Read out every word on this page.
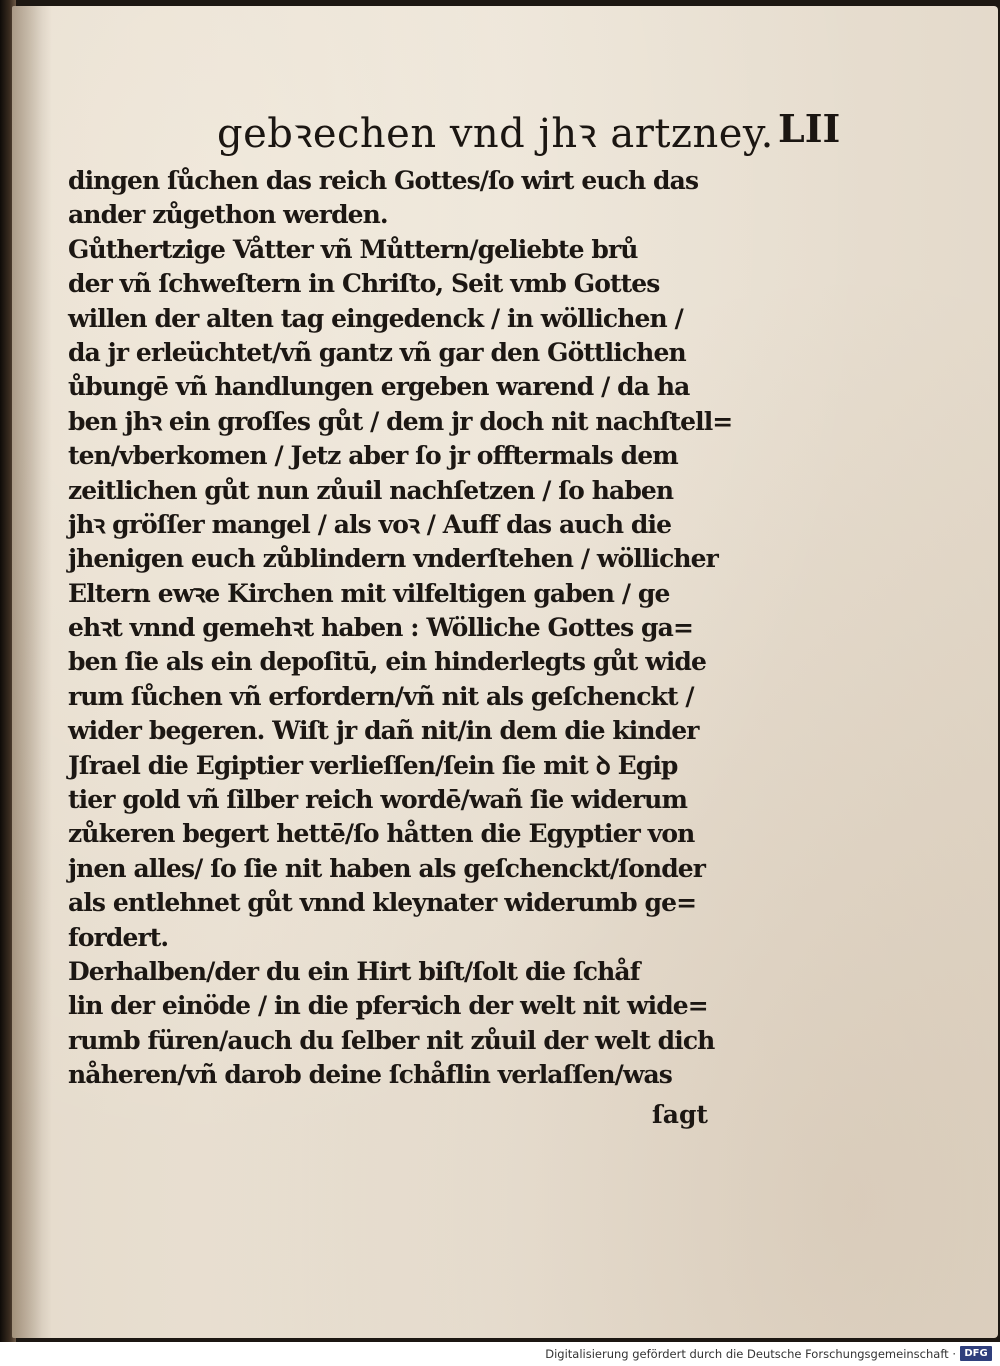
gebꝛechen vnd jhꝛ artzney. LII
dingen ſůchen das reich Gottes/ſo wirt euch das
ander zůgethon werden.
Gůthertzige Våtter vñ Můttern/geliebte brů
der vñ ſchweſtern in Chriſto, Seit vmb Gottes
willen der alten tag eingedenck / in wöllichen /
da jr erleüchtet/vñ gantz vñ gar den Göttlichen
ůbungē vñ handlungen ergeben warend / da ha
ben jhꝛ ein groſſes gůt / dem jr doch nit nachſtell=
ten/vberkomen / Jetz aber ſo jr offtermals dem
zeitlichen gůt nun zůuil nachſetzen / ſo haben
jhꝛ gröſſer mangel / als voꝛ / Auff das auch die
jhenigen euch zůblindern vnderſtehen / wöllicher
Eltern ewꝛe Kirchen mit vilfeltigen gaben / ge
ehꝛt vnnd gemehꝛt haben : Wölliche Gottes ga=
ben ſie als ein depoſitū, ein hinderlegts gůt wide
rum ſůchen vñ erfordern/vñ nit als geſchenckt /
wider begeren. Wiſt jr dañ nit/in dem die kinder
Jſrael die Egiptier verlieſſen/ſein ſie mit ꝺ Egip
tier gold vñ ſilber reich wordē/wañ ſie widerum
zůkeren begert hettē/ſo håtten die Egyptier von
jnen alles/ ſo ſie nit haben als geſchenckt/ſonder
als entlehnet gůt vnnd kleynater widerumb ge=
fordert.
Derhalben/der du ein Hirt biſt/ſolt die ſchåf
lin der einöde / in die pferꝛich der welt nit wide=
rumb füren/auch du ſelber nit zůuil der welt dich
nåheren/vñ darob deine ſchåflin verlaſſen/was
ſagt
Digitalisierung gefördert durch die Deutsche Forschungsgemeinschaft · DFG
